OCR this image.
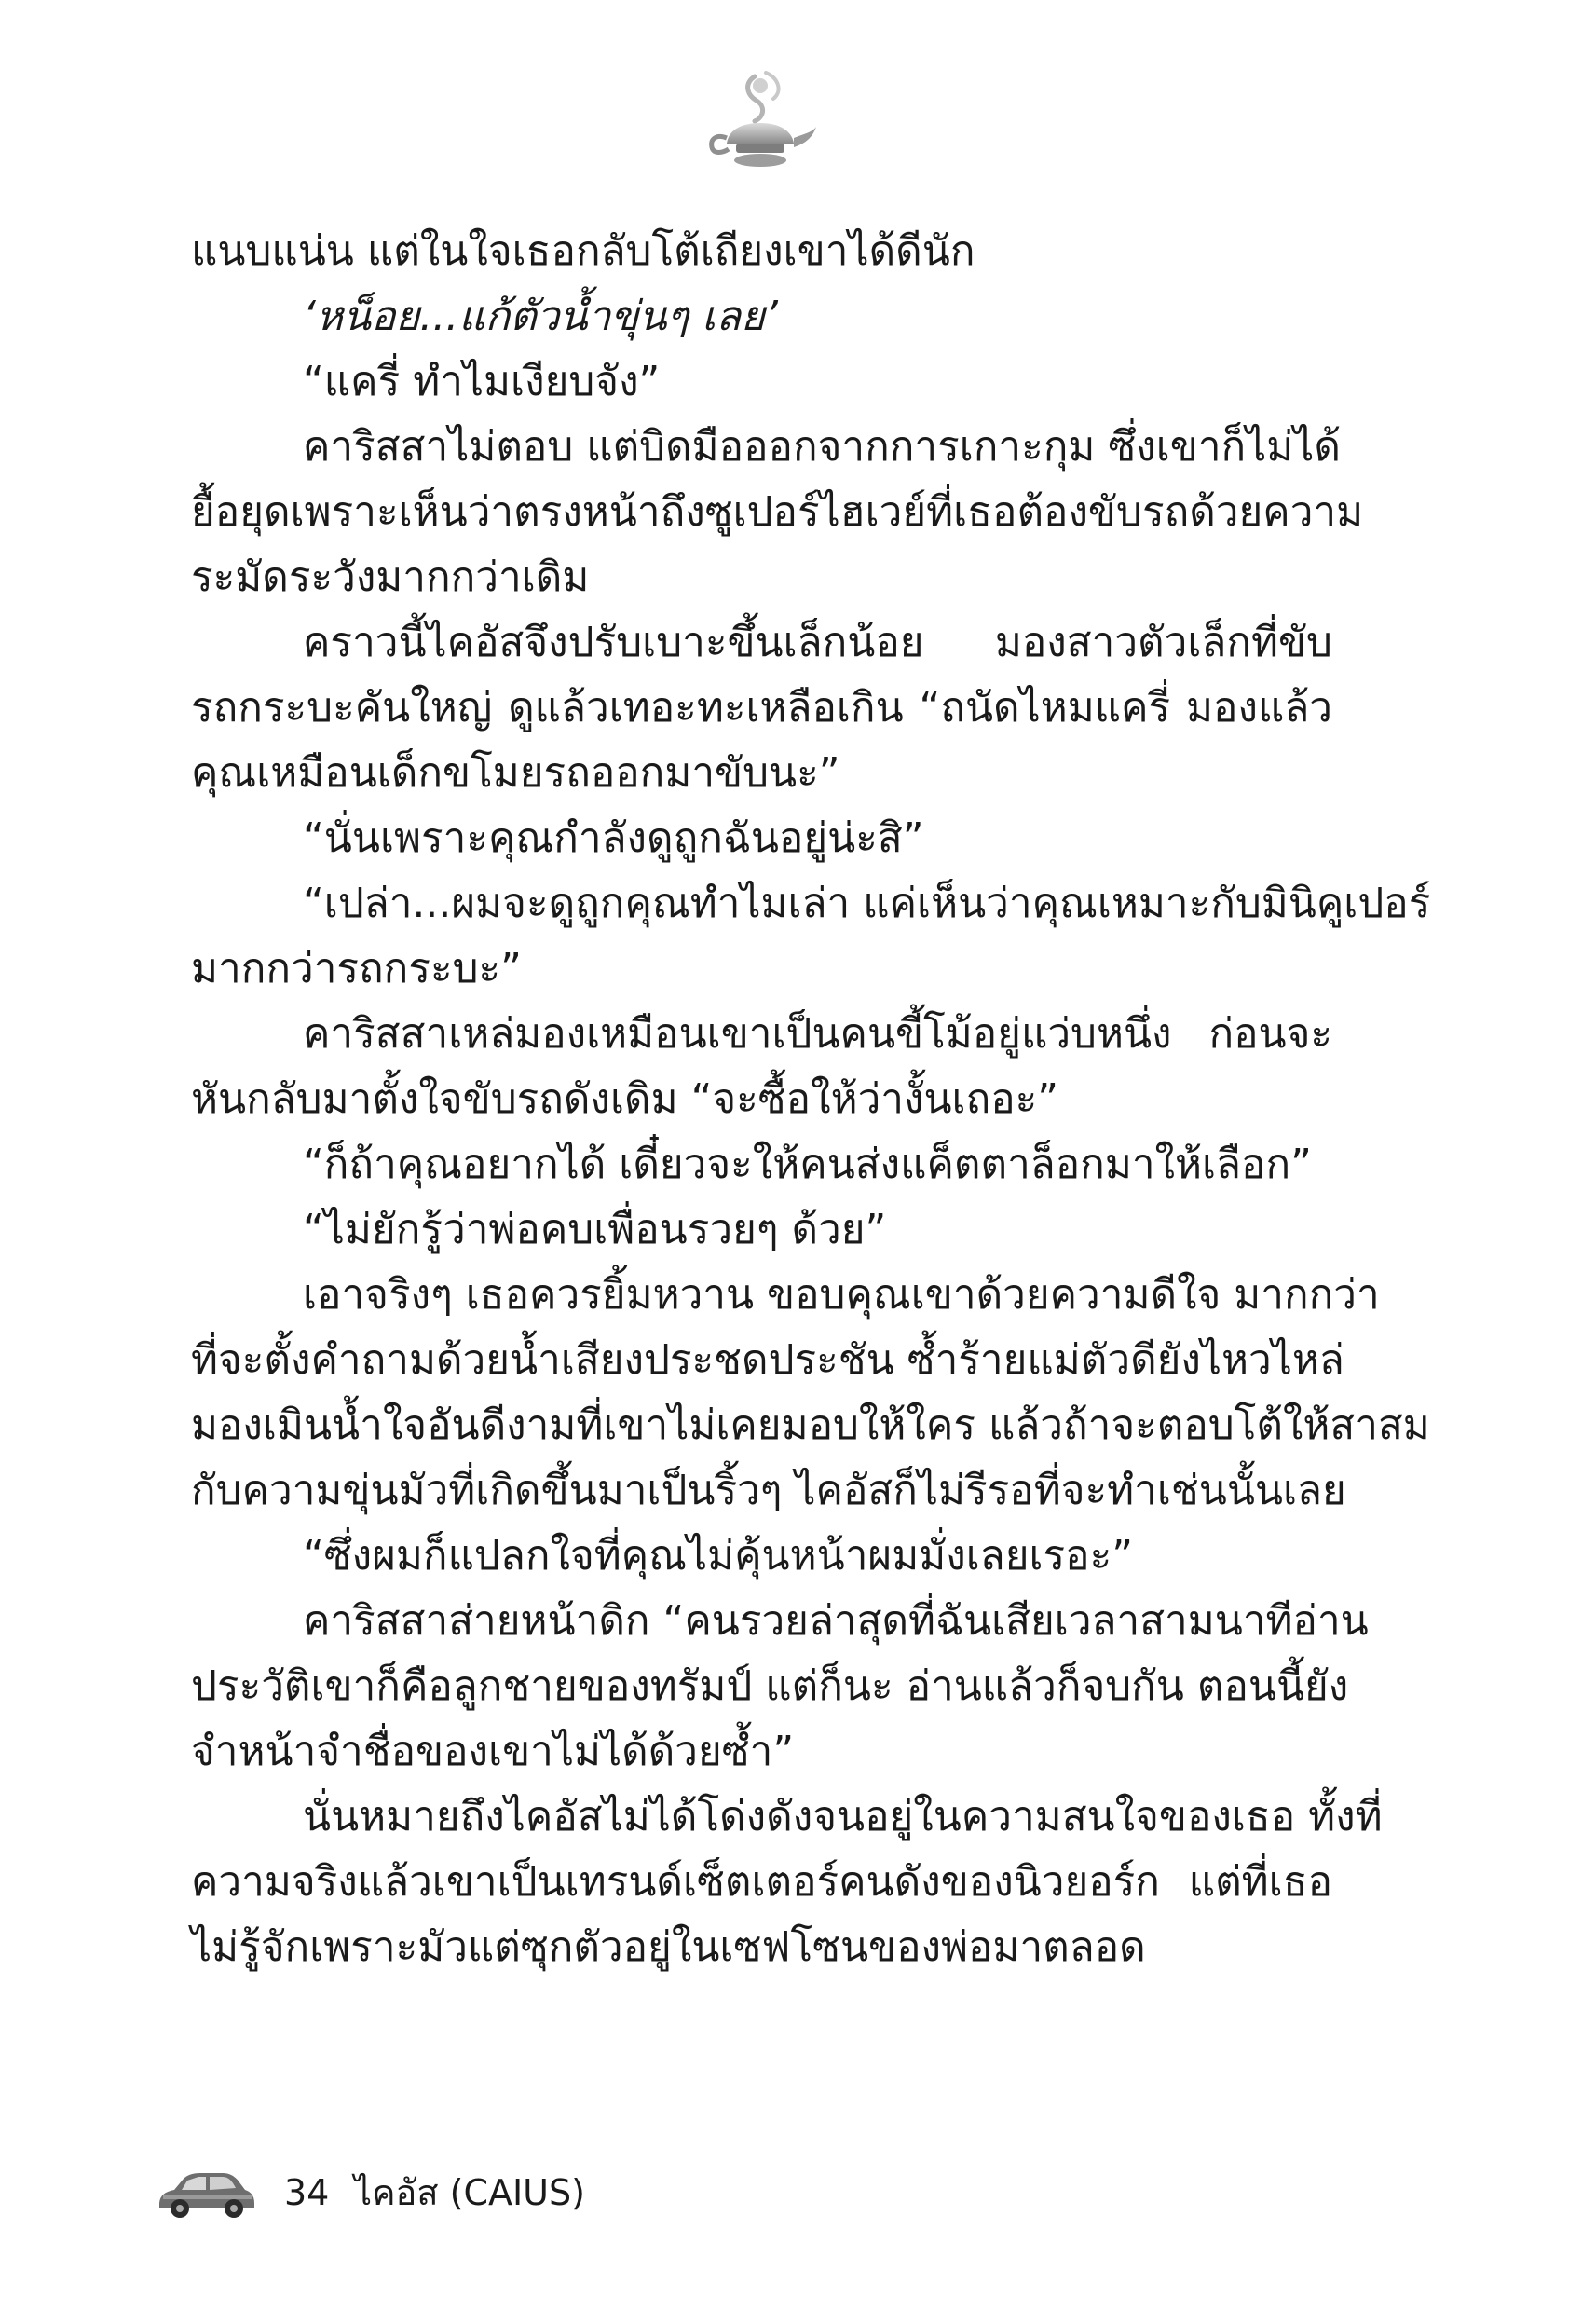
แนบแน่น แต่ในใจเธอกลับโต้เถียงเขาได้ดีนัก
‘หน็อย...แก้ตัวน้ำขุ่นๆ เลย’
“แครี่ ทำไมเงียบจัง”
คาริสสาไม่ตอบ แต่บิดมือออกจากการเกาะกุม ซึ่งเขาก็ไม่ได้
ยื้อยุดเพราะเห็นว่าตรงหน้าถึงซูเปอร์ไฮเวย์ที่เธอต้องขับรถด้วยความ
ระมัดระวังมากกว่าเดิม
คราวนี้ไคอัสจึงปรับเบาะขึ้นเล็กน้อย มองสาวตัวเล็กที่ขับ
รถกระบะคันใหญ่ ดูแล้วเทอะทะเหลือเกิน “ถนัดไหมแครี่ มองแล้ว
คุณเหมือนเด็กขโมยรถออกมาขับนะ”
“นั่นเพราะคุณกำลังดูถูกฉันอยู่น่ะสิ”
“เปล่า...ผมจะดูถูกคุณทำไมเล่า แค่เห็นว่าคุณเหมาะกับมินิคูเปอร์
มากกว่ารถกระบะ”
คาริสสาเหล่มองเหมือนเขาเป็นคนขี้โม้อยู่แว่บหนึ่ง ก่อนจะ
หันกลับมาตั้งใจขับรถดังเดิม “จะซื้อให้ว่างั้นเถอะ”
“ก็ถ้าคุณอยากได้ เดี๋ยวจะให้คนส่งแค็ตตาล็อกมาให้เลือก”
“ไม่ยักรู้ว่าพ่อคบเพื่อนรวยๆ ด้วย”
เอาจริงๆ เธอควรยิ้มหวาน ขอบคุณเขาด้วยความดีใจ มากกว่า
ที่จะตั้งคำถามด้วยน้ำเสียงประชดประชัน ซ้ำร้ายแม่ตัวดียังไหวไหล่
มองเมินน้ำใจอันดีงามที่เขาไม่เคยมอบให้ใคร แล้วถ้าจะตอบโต้ให้สาสม
กับความขุ่นมัวที่เกิดขึ้นมาเป็นริ้วๆ ไคอัสก็ไม่รีรอที่จะทำเช่นนั้นเลย
“ซึ่งผมก็แปลกใจที่คุณไม่คุ้นหน้าผมมั่งเลยเรอะ”
คาริสสาส่ายหน้าดิก “คนรวยล่าสุดที่ฉันเสียเวลาสามนาทีอ่าน
ประวัติเขาก็คือลูกชายของทรัมป์ แต่ก็นะ อ่านแล้วก็จบกัน ตอนนี้ยัง
จำหน้าจำชื่อของเขาไม่ได้ด้วยซ้ำ”
นั่นหมายถึงไคอัสไม่ได้โด่งดังจนอยู่ในความสนใจของเธอ ทั้งที่
ความจริงแล้วเขาเป็นเทรนด์เซ็ตเตอร์คนดังของนิวยอร์ก แต่ที่เธอ
ไม่รู้จักเพราะมัวแต่ซุกตัวอยู่ในเซฟโซนของพ่อมาตลอด
34 ไคอัส (CAIUS)
